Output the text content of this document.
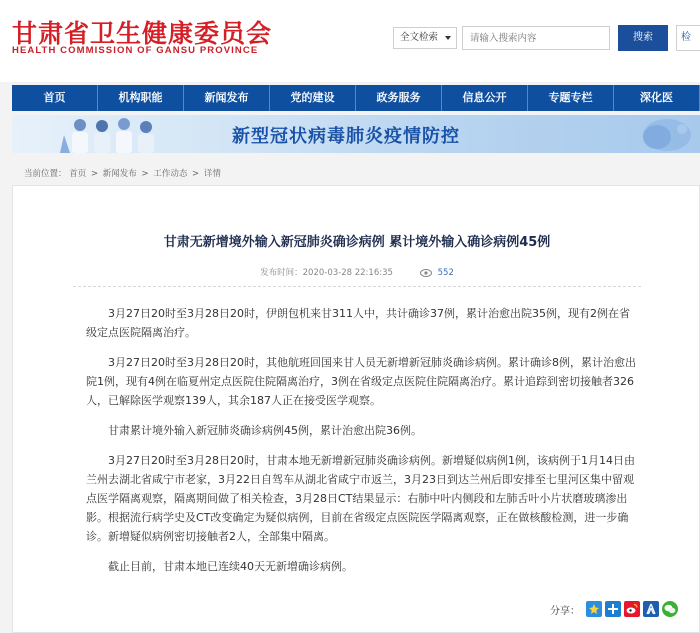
甘肃省卫生健康委员会
HEALTH COMMISSION OF GANSU PROVINCE
全文检索
请输入搜索内容	搜索	检
首页	机构职能	新闻发布	党的建设	政务服务	信息公开	专题专栏	深化医
新型冠状病毒肺炎疫情防控
当前位置： 首页 > 新闻发布 > 工作动态 > 详情
甘肃无新增境外输入新冠肺炎确诊病例 累计境外输入确诊病例45例
发布时间：2020-03-28 22:16:35	552

3月27日20时至3月28日20时，伊朗包机来甘311人中，共计确诊37例，累计治愈出院35例，现有2例在省级定点医院隔离治疗。

3月27日20时至3月28日20时，其他航班回国来甘人员无新增新冠肺炎确诊病例。累计确诊8例，累计治愈出院1例，现有4例在临夏州定点医院住院隔离治疗，3例在省级定点医院住院隔离治疗。累计追踪到密切接触者326人，已解除医学观察139人，其余187人正在接受医学观察。

甘肃累计境外输入新冠肺炎确诊病例45例，累计治愈出院36例。

3月27日20时至3月28日20时，甘肃本地无新增新冠肺炎确诊病例。新增疑似病例1例，该病例于1月14日由兰州去湖北省咸宁市老家，3月22日自驾车从湖北省咸宁市返兰，3月23日到达兰州后即安排至七里河区集中留观点医学隔离观察，隔离期间做了相关检查，3月28日CT结果显示：右肺中叶内侧段和左肺舌叶小片状磨玻璃渗出影。根据流行病学史及CT改变确定为疑似病例，目前在省级定点医院医学隔离观察，正在做核酸检测，进一步确诊。新增疑似病例密切接触者2人，全部集中隔离。

截止目前，甘肃本地已连续40天无新增确诊病例。

分享：
